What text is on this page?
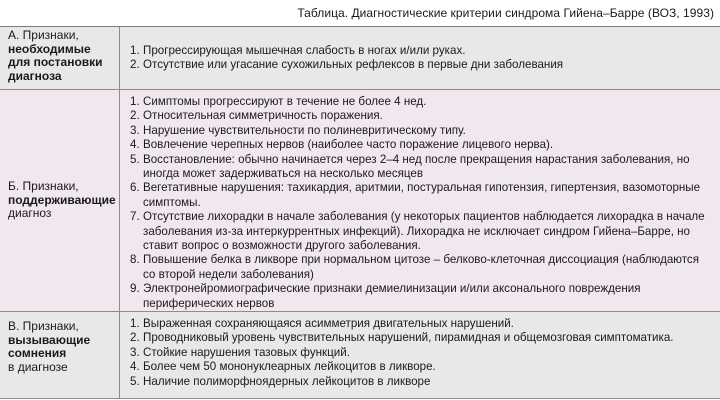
Таблица. Диагностические критерии синдрома Гийена–Барре (ВОЗ, 1993)
А. Признаки,
необходимые для постановки диагноза
1. Прогрессирующая мышечная слабость в ногах и/или руках.
2. Отсутствие или угасание сухожильных рефлексов в первые дни заболевания
Б. Признаки,
поддерживающие
диагноз
1. Симптомы прогрессируют в течение не более 4 нед.
2. Относительная симметричность поражения.
3. Нарушение чувствительности по полиневритическому типу.
4. Вовлечение черепных нервов (наиболее часто поражение лицевого нерва).
5. Восстановление: обычно начинается через 2–4 нед после прекращения нарастания заболевания, но иногда может задерживаться на несколько месяцев
6. Вегетативные нарушения: тахикардия, аритмии, постуральная гипотензия, гипертензия, вазомоторные симптомы.
7. Отсутствие лихорадки в начале заболевания (у некоторых пациентов наблюдается лихорадка в начале заболевания из-за интеркуррентных инфекций). Лихорадка не исключает синдром Гийена–Барре, но ставит вопрос о возможности другого заболевания.
8. Повышение белка в ликворе при нормальном цитозе – белково-клеточная диссоциация (наблюдаются со второй недели заболевания)
9. Электронейромиографические признаки демиелинизации и/или аксонального повреждения периферических нервов
В. Признаки,
вызывающие сомнения
в диагнозе
1. Выраженная сохраняющаяся асимметрия двигательных нарушений.
2. Проводниковый уровень чувствительных нарушений, пирамидная и общемозговая симптоматика.
3. Стойкие нарушения тазовых функций.
4. Более чем 50 мононуклеарных лейкоцитов в ликворе.
5. Наличие полиморфноядерных лейкоцитов в ликворе
